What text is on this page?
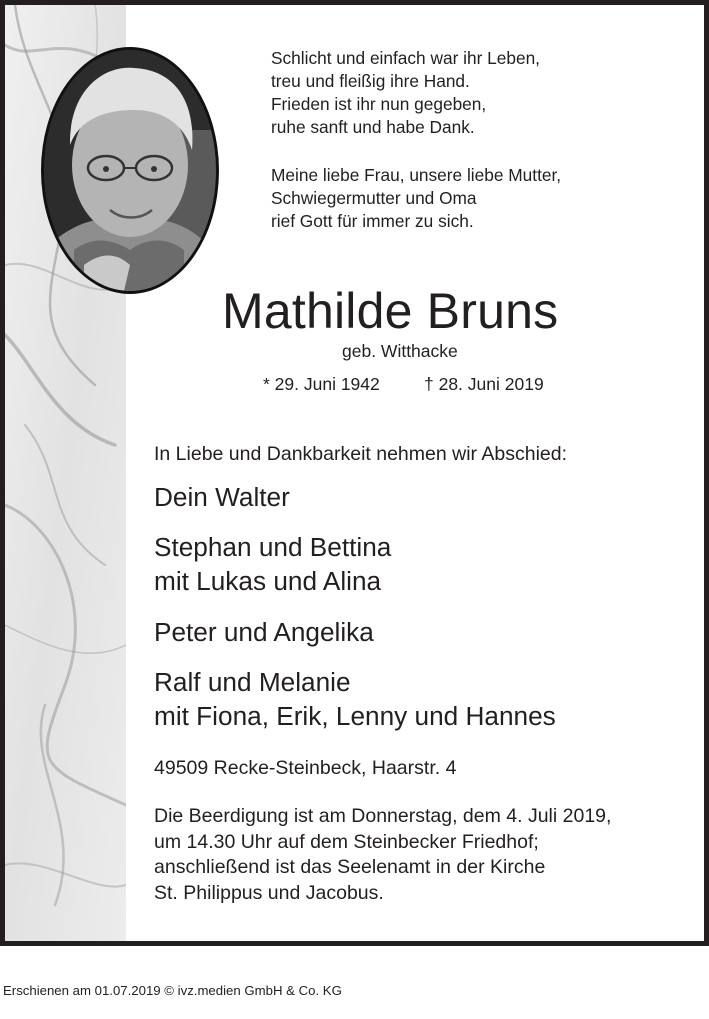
Schlicht und einfach war ihr Leben,
treu und fleißig ihre Hand.
Frieden ist ihr nun gegeben,
ruhe sanft und habe Dank.
Meine liebe Frau, unsere liebe Mutter,
Schwiegermutter und Oma
rief Gott für immer zu sich.
Mathilde Bruns
geb. Witthacke
* 29. Juni 1942	† 28. Juni 2019
In Liebe und Dankbarkeit nehmen wir Abschied:
Dein Walter
Stephan und Bettina
mit Lukas und Alina
Peter und Angelika
Ralf und Melanie
mit Fiona, Erik, Lenny und Hannes
49509 Recke-Steinbeck, Haarstr. 4
Die Beerdigung ist am Donnerstag, dem 4. Juli 2019,
um 14.30 Uhr auf dem Steinbecker Friedhof;
anschließend ist das Seelenamt in der Kirche
St. Philippus und Jacobus.
Erschienen am 01.07.2019 © ivz.medien GmbH & Co. KG
